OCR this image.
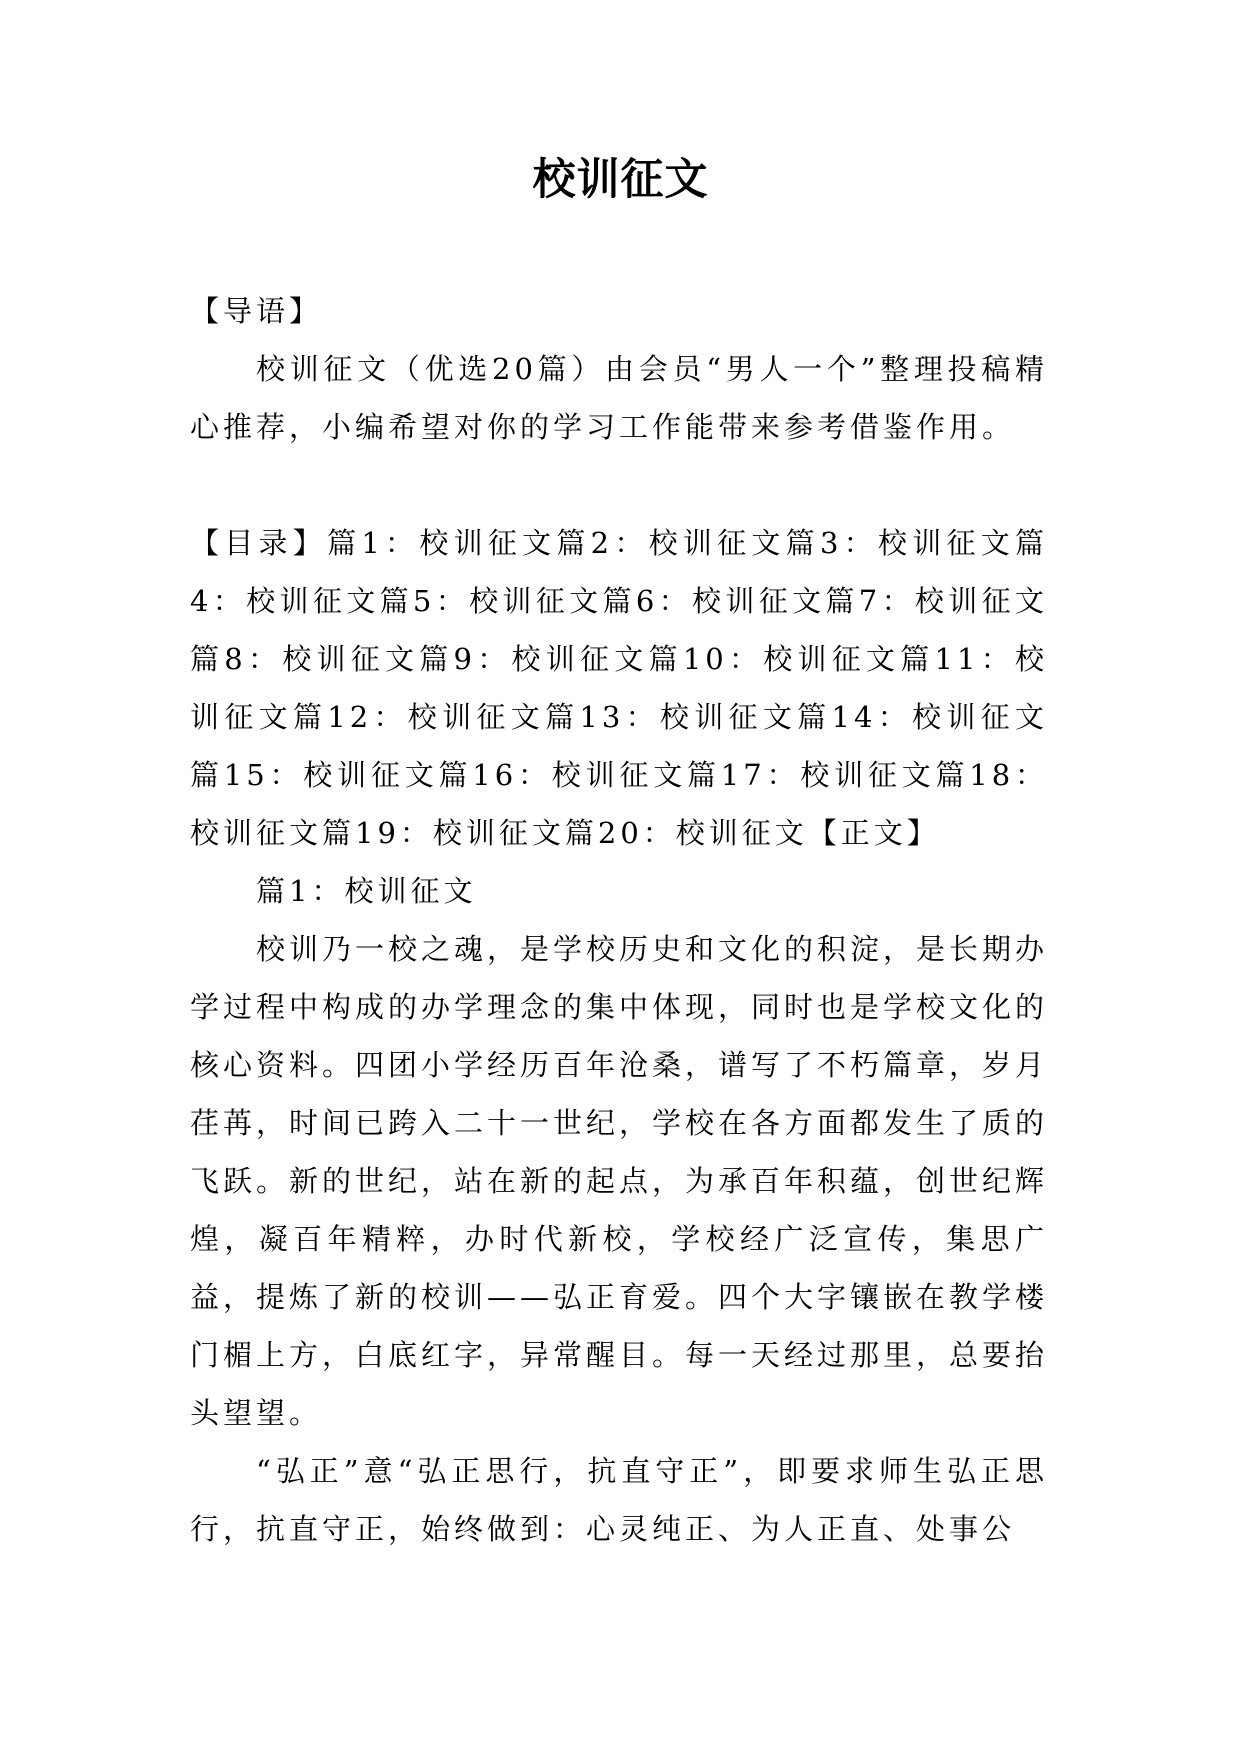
校训征文

【导语】

校训征文（优选20篇）由会员“男人一个”整理投稿精心推荐，小编希望对你的学习工作能带来参考借鉴作用。

【目录】篇1：校训征文篇2：校训征文篇3：校训征文篇4：校训征文篇5：校训征文篇6：校训征文篇7：校训征文篇8：校训征文篇9：校训征文篇10：校训征文篇11：校训征文篇12：校训征文篇13：校训征文篇14：校训征文篇15：校训征文篇16：校训征文篇17：校训征文篇18：校训征文篇19：校训征文篇20：校训征文【正文】

篇1：校训征文

校训乃一校之魂，是学校历史和文化的积淀，是长期办学过程中构成的办学理念的集中体现，同时也是学校文化的核心资料。四团小学经历百年沧桑，谱写了不朽篇章，岁月荏苒，时间已跨入二十一世纪，学校在各方面都发生了质的飞跃。新的世纪，站在新的起点，为承百年积蕴，创世纪辉煌，凝百年精粹，办时代新校，学校经广泛宣传，集思广益，提炼了新的校训——弘正育爱。四个大字镶嵌在教学楼门楣上方，白底红字，异常醒目。每一天经过那里，总要抬头望望。

“弘正”意“弘正思行，抗直守正”，即要求师生弘正思行，抗直守正，始终做到：心灵纯正、为人正直、处事公
